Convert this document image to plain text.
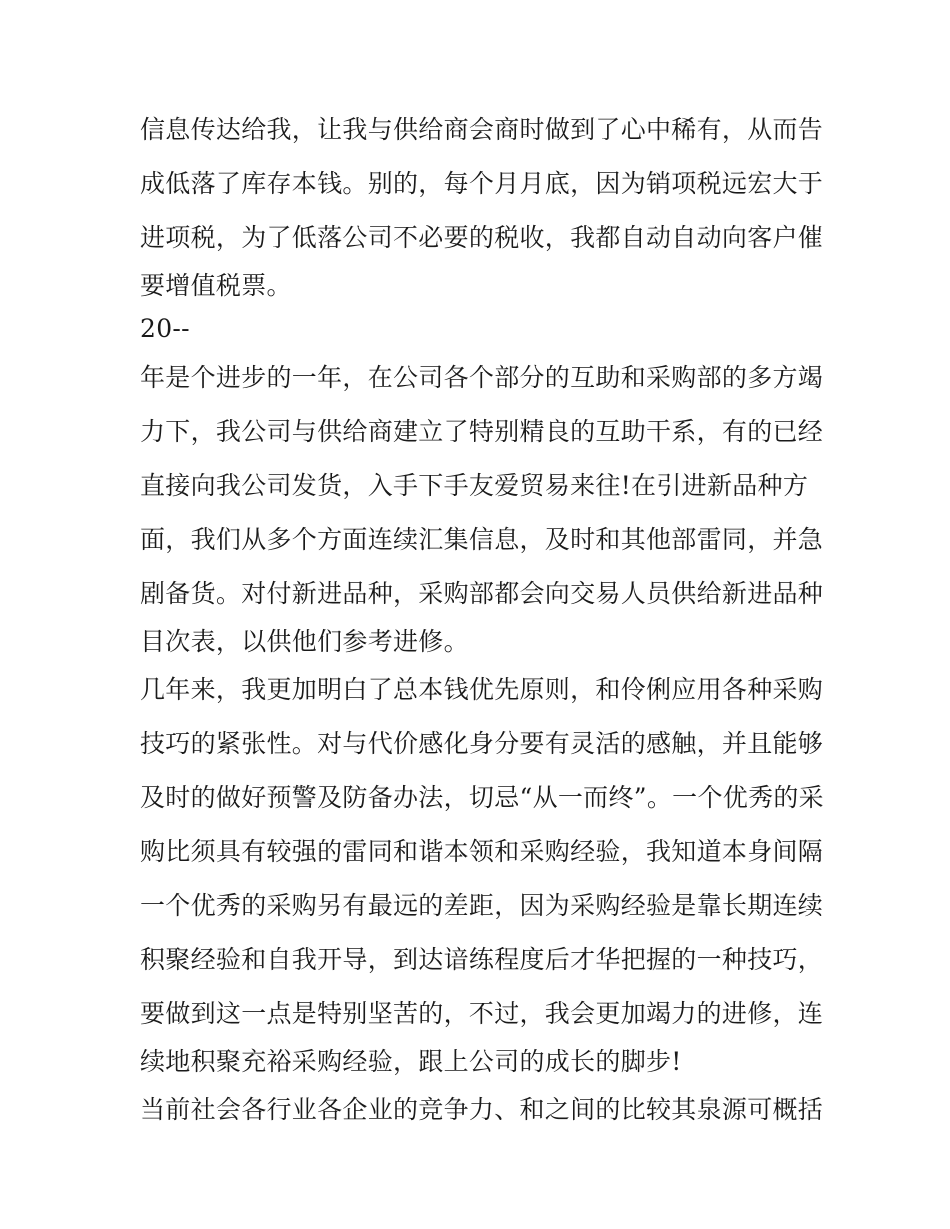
信息传达给我，让我与供给商会商时做到了心中稀有，从而告
成低落了库存本钱。别的，每个月月底，因为销项税远宏大于
进项税，为了低落公司不必要的税收，我都自动自动向客户催
要增值税票。
20--
年是个进步的一年，在公司各个部分的互助和采购部的多方竭
力下，我公司与供给商建立了特别精良的互助干系，有的已经
直接向我公司发货，入手下手友爱贸易来往!在引进新品种方
面，我们从多个方面连续汇集信息，及时和其他部雷同，并急
剧备货。对付新进品种，采购部都会向交易人员供给新进品种
目次表，以供他们参考进修。
几年来，我更加明白了总本钱优先原则，和伶俐应用各种采购
技巧的紧张性。对与代价感化身分要有灵活的感触，并且能够
及时的做好预警及防备办法，切忌“从一而终”。一个优秀的采
购比须具有较强的雷同和谐本领和采购经验，我知道本身间隔
一个优秀的采购另有最远的差距，因为采购经验是靠长期连续
积聚经验和自我开导，到达谙练程度后才华把握的一种技巧，
要做到这一点是特别坚苦的，不过，我会更加竭力的进修，连
续地积聚充裕采购经验，跟上公司的成长的脚步!
当前社会各行业各企业的竞争力、和之间的比较其泉源可概括
